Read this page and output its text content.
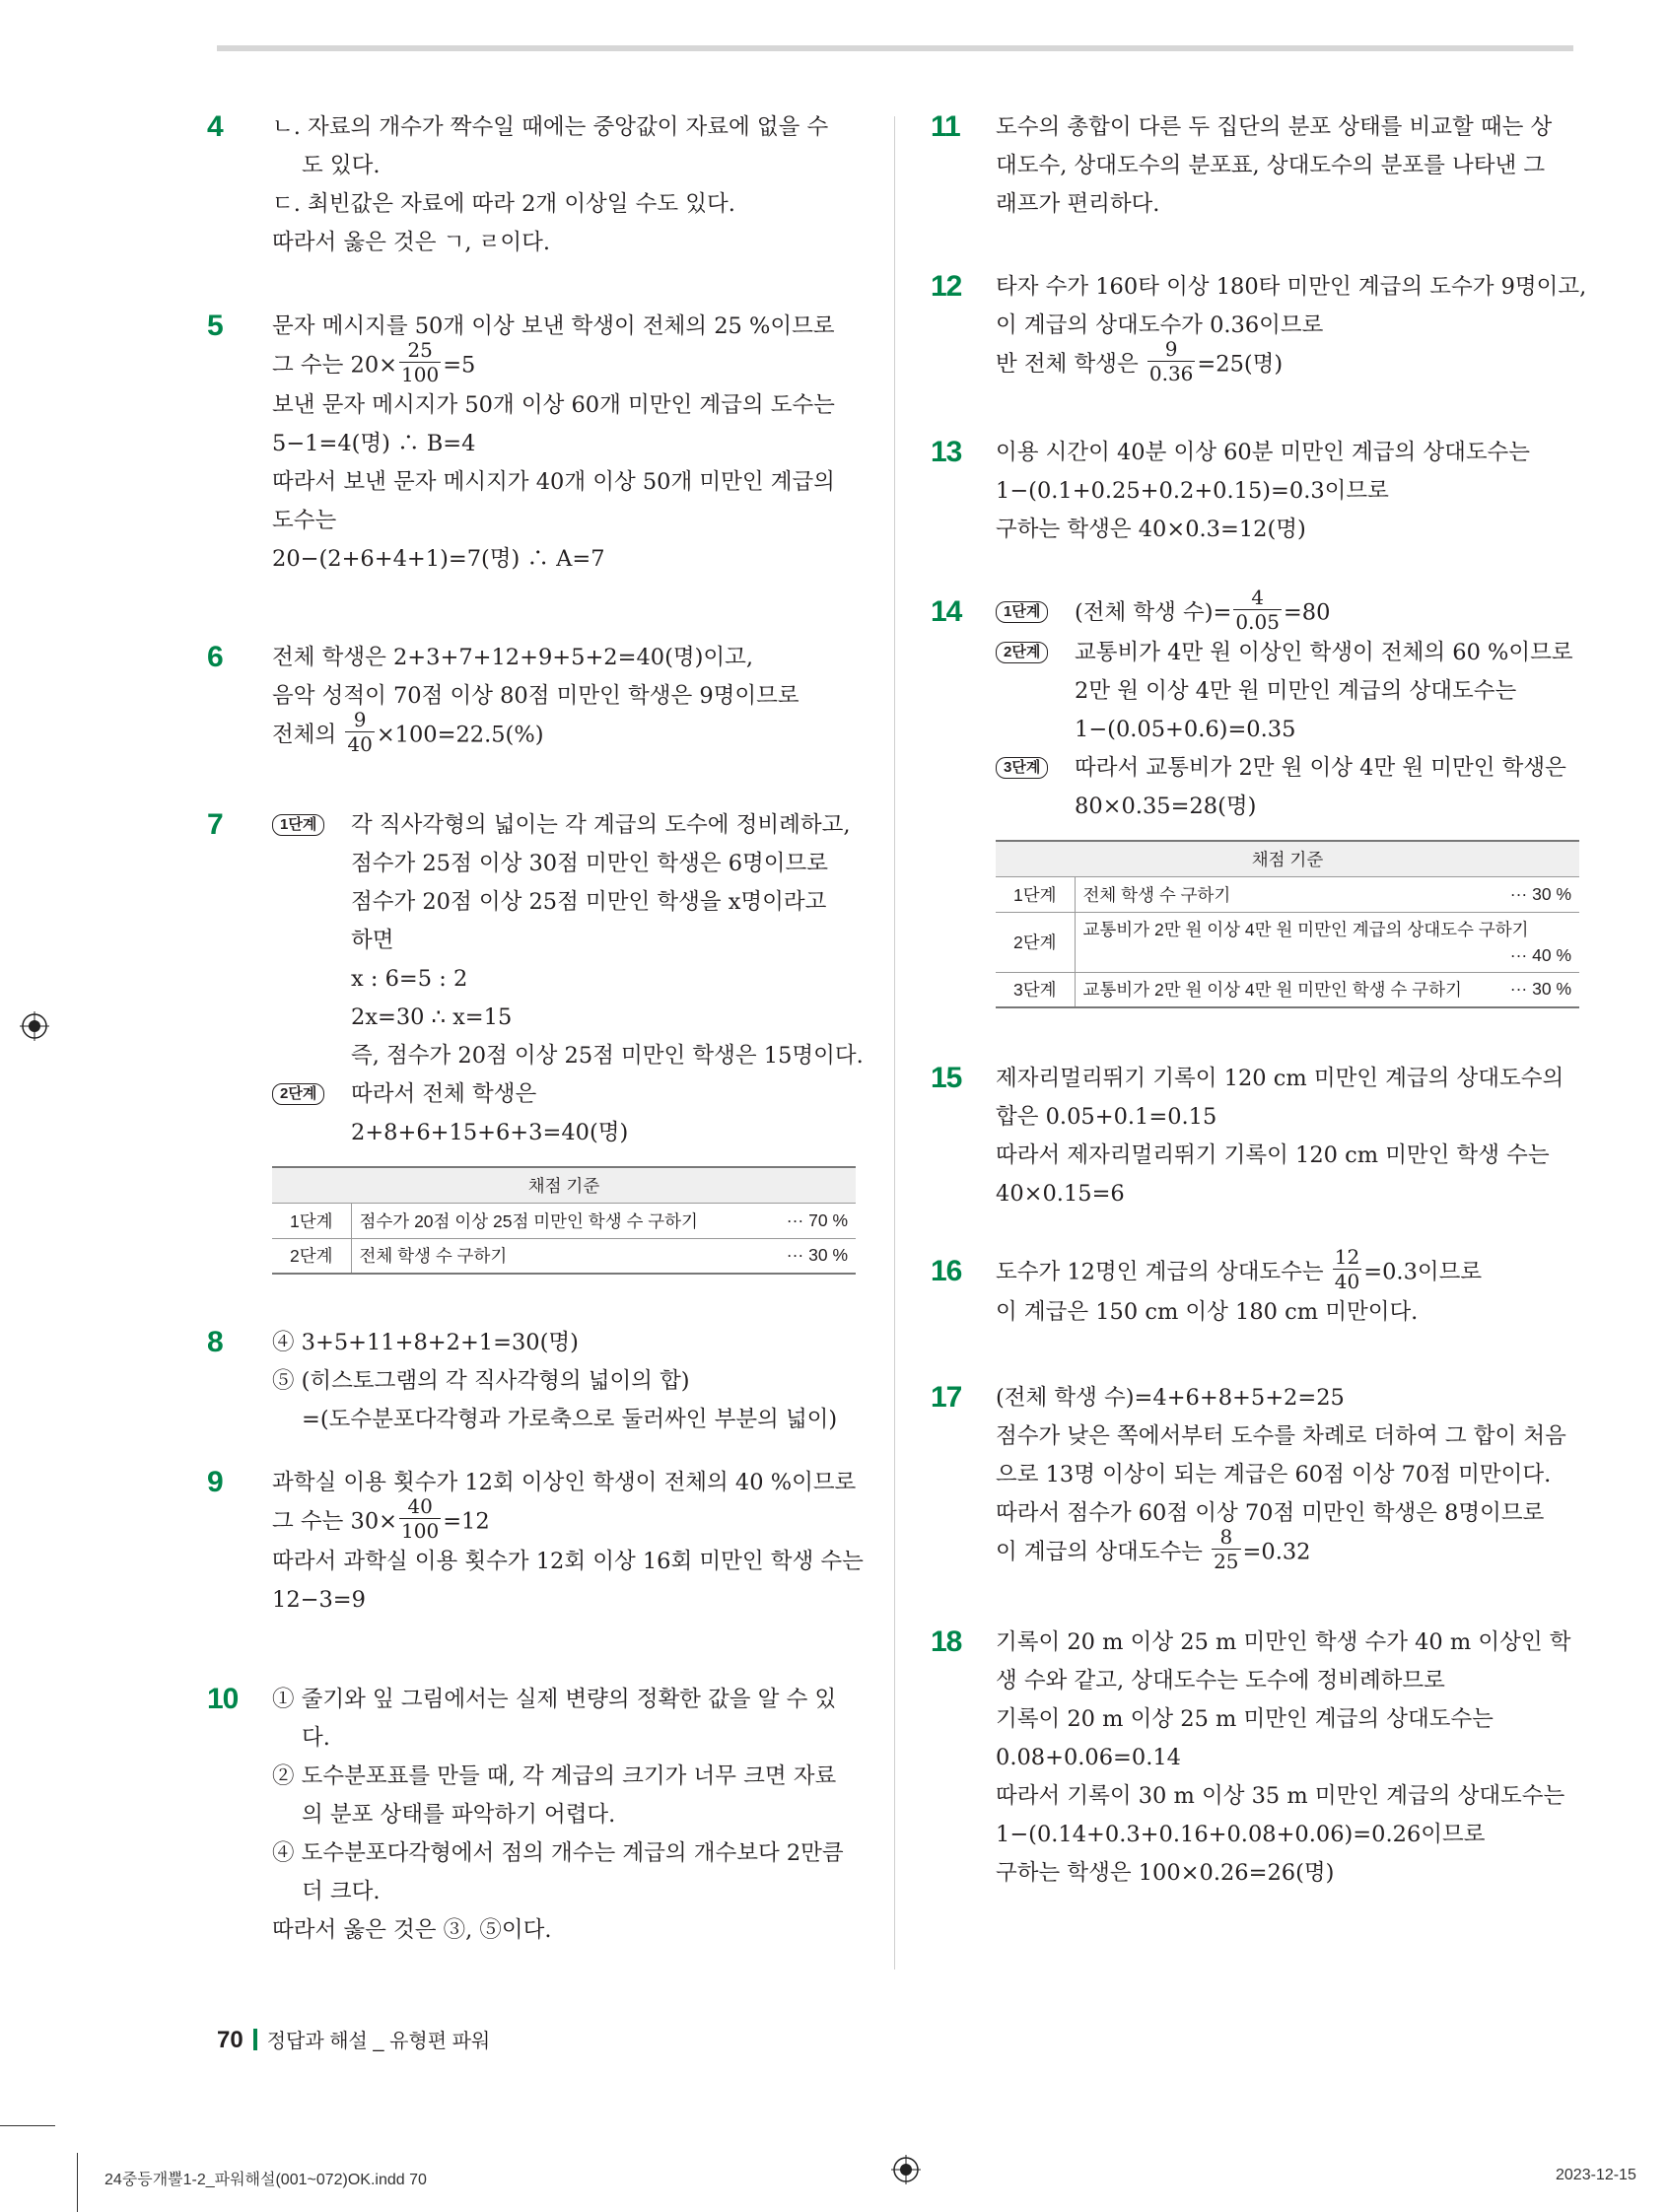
4 ㄴ. 자료의 개수가 짝수일 때에는 중앙값이 자료에 없을 수
도 있다.
ㄷ. 최빈값은 자료에 따라 2개 이상일 수도 있다.
따라서 옳은 것은 ㄱ, ㄹ이다.
5 문자 메시지를 50개 이상 보낸 학생이 전체의 25 %이므로
그 수는 $20\times \frac{25}{100} =5$
보낸 문자 메시지가 50개 이상 60개 미만인 계급의 도수는
5−1=4(명) ∴ B=4
따라서 보낸 문자 메시지가 40개 이상 50개 미만인 계급의
도수는
20−(2+6+4+1)=7(명) ∴ A=7
6 전체 학생은 2+3+7+12+9+5+2=40(명)이고,
음악 성적이 70점 이상 80점 미만인 학생은 9명이므로
전체의 $\frac{9}{40} \times 100=22.5(\%)$
7	1단계	각 직사각형의 넓이는 각 계급의 도수에 정비례하고,
점수가 25점 이상 30점 미만인 학생은 6명이므로
점수가 20점 이상 25점 미만인 학생을 x명이라고
하면
x : 6=5 : 2
2x=30 ∴ x=15
즉, 점수가 20점 이상 25점 미만인 학생은 15명이다.
2단계	따라서 전체 학생은
2+8+6+15+6+3=40(명)
채점 기준		
1단계	점수가 20점 이상 25점 미만인 학생 수 구하기	··· 70 %
2단계	전체 학생 수 구하기	··· 30 %
8 ④ 3+5+11+8+2+1=30(명)
⑤ (히스토그램의 각 직사각형의 넓이의 합)
=(도수분포다각형과 가로축으로 둘러싸인 부분의 넓이)
9 과학실 이용 횟수가 12회 이상인 학생이 전체의 40 %이므로
그 수는 $30\times \frac{40}{100} =12$
따라서 과학실 이용 횟수가 12회 이상 16회 미만인 학생 수는
12−3=9
10 ① 줄기와 잎 그림에서는 실제 변량의 정확한 값을 알 수 있
다.
② 도수분포표를 만들 때, 각 계급의 크기가 너무 크면 자료
의 분포 상태를 파악하기 어렵다.
④ 도수분포다각형에서 점의 개수는 계급의 개수보다 2만큼
더 크다.
따라서 옳은 것은 ③, ⑤이다.
11 도수의 총합이 다른 두 집단의 분포 상태를 비교할 때는 상
대도수, 상대도수의 분포표, 상대도수의 분포를 나타낸 그
래프가 편리하다.
12 타자 수가 160타 이상 180타 미만인 계급의 도수가 9명이고,
이 계급의 상대도수가 0.36이므로
반 전체 학생은 $\frac{9}{0.36} =25$(명)
13 이용 시간이 40분 이상 60분 미만인 계급의 상대도수는
1−(0.1+0.25+0.2+0.15)=0.3이므로
구하는 학생은 40×0.3=12(명)
14	1단계	(전체 학생 수)= $\frac{4}{0.05} =80$
2단계	교통비가 4만 원 이상인 학생이 전체의 60 %이므로
2만 원 이상 4만 원 미만인 계급의 상대도수는
1−(0.05+0.6)=0.35
3단계	따라서 교통비가 2만 원 이상 4만 원 미만인 학생은
80×0.35=28(명)
채점 기준		
1단계	전체 학생 수 구하기	··· 30 %
2단계	교통비가 2만 원 이상 4만 원 미만인 계급의 상대도수 구하기
··· 40 %	

3단계	교통비가 2만 원 이상 4만 원 미만인 학생 수 구하기	··· 30 %
15 제자리멀리뛰기 기록이 120 cm 미만인 계급의 상대도수의
합은 0.05+0.1=0.15
따라서 제자리멀리뛰기 기록이 120 cm 미만인 학생 수는
40×0.15=6
16 도수가 12명인 계급의 상대도수는 $\frac{12}{40} =0.3$이므로
이 계급은 150 cm 이상 180 cm 미만이다.
17 (전체 학생 수)=4+6+8+5+2=25
점수가 낮은 쪽에서부터 도수를 차례로 더하여 그 합이 처음
으로 13명 이상이 되는 계급은 60점 이상 70점 미만이다.
따라서 점수가 60점 이상 70점 미만인 학생은 8명이므로
이 계급의 상대도수는 $\frac{8}{25} =0.32$
18 기록이 20 m 이상 25 m 미만인 학생 수가 40 m 이상인 학
생 수와 같고, 상대도수는 도수에 정비례하므로
기록이 20 m 이상 25 m 미만인 계급의 상대도수는
0.08+0.06=0.14
따라서 기록이 30 m 이상 35 m 미만인 계급의 상대도수는
1−(0.14+0.3+0.16+0.08+0.06)=0.26이므로
구하는 학생은 100×0.26=26(명)
70 정답과 해설 _ 유형편 파워
24중등개뿔1-2_파워해설(001~072)OK.indd 70	2023-12-15
